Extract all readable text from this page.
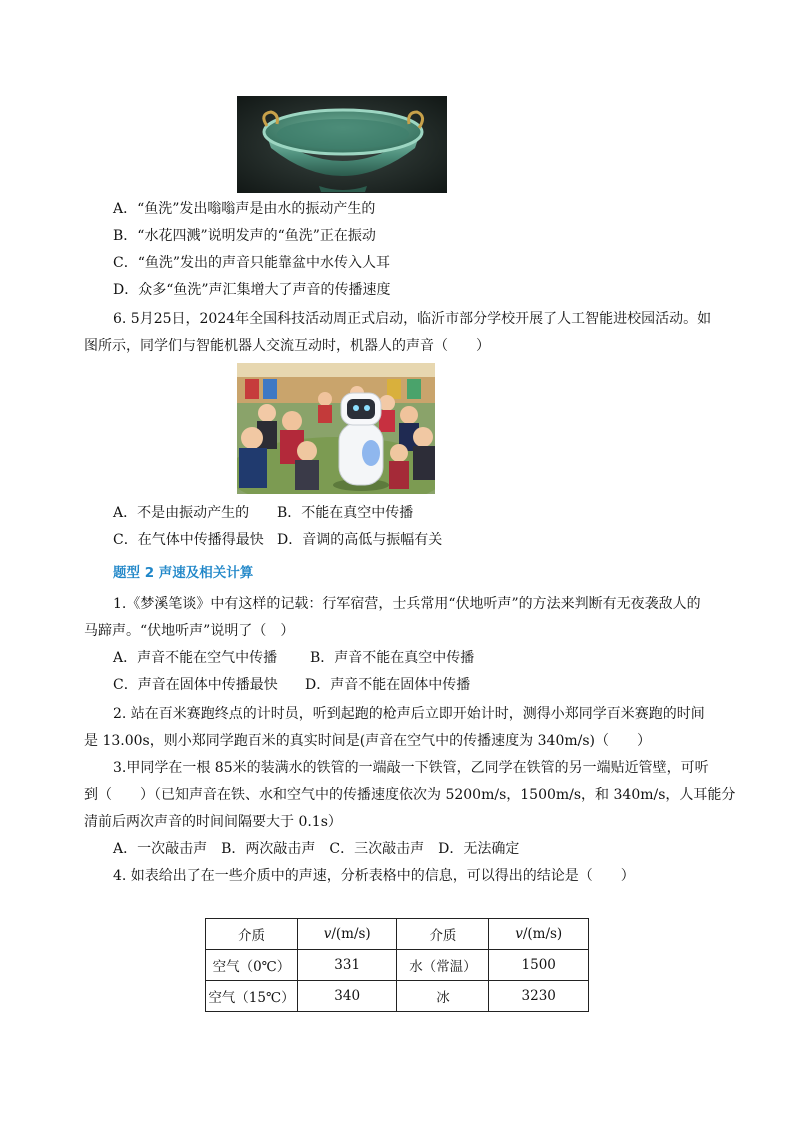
A．“鱼洗”发出嗡嗡声是由水的振动产生的
B．“水花四溅”说明发声的“鱼洗”正在振动
C．“鱼洗”发出的声音只能靠盆中水传入人耳
D．众多“鱼洗”声汇集增大了声音的传播速度
6. 5月25日，2024年全国科技活动周正式启动，临沂市部分学校开展了人工智能进校园活动。如
图所示，同学们与智能机器人交流互动时，机器人的声音（　　）
A．不是由振动产生的 B．不能在真空中传播
C．在气体中传播得最快 D．音调的高低与振幅有关
题型 2 声速及相关计算
1.《梦溪笔谈》中有这样的记载：行军宿营，士兵常用“伏地听声”的方法来判断有无夜袭敌人的
马蹄声。“伏地听声”说明了（　）
A．声音不能在空气中传播 B．声音不能在真空中传播
C．声音在固体中传播最快 D．声音不能在固体中传播
2. 站在百米赛跑终点的计时员，听到起跑的枪声后立即开始计时，测得小郑同学百米赛跑的时间
是 13.00s，则小郑同学跑百米的真实时间是(声音在空气中的传播速度为 340m/s)（　　）
3.甲同学在一根 85米的装满水的铁管的一端敲一下铁管，乙同学在铁管的另一端贴近管壁，可听
到（　　）（已知声音在铁、水和空气中的传播速度依次为 5200m/s，1500m/s，和 340m/s，人耳能分
清前后两次声音的时间间隔要大于 0.1s）
A．一次敲击声　B．两次敲击声　C．三次敲击声　D．无法确定
4. 如表给出了在一些介质中的声速，分析表格中的信息，可以得出的结论是（　　）
介质	v/(m/s)	介质	v/(m/s)
空气（0℃）	331	水（常温）	1500
空气（15℃）	340	冰	3230
